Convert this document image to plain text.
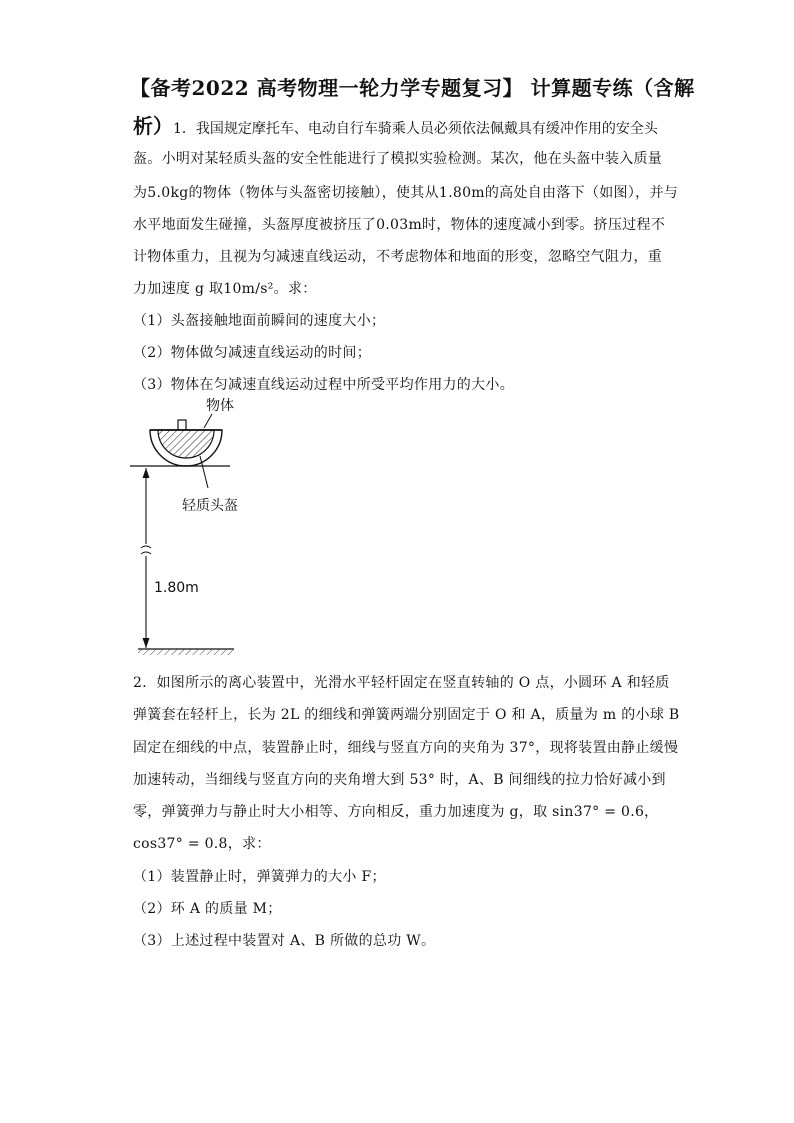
【备考2022 高考物理一轮力学专题复习】 计算题专练（含解
析）1．我国规定摩托车、电动自行车骑乘人员必须依法佩戴具有缓冲作用的安全头
盔。小明对某轻质头盔的安全性能进行了模拟实验检测。某次，他在头盔中装入质量
为5.0kg的物体（物体与头盔密切接触），使其从1.80m的高处自由落下（如图），并与
水平地面发生碰撞，头盔厚度被挤压了0.03m时，物体的速度减小到零。挤压过程不
计物体重力，且视为匀减速直线运动，不考虑物体和地面的形变，忽略空气阻力，重
力加速度 g 取10m/s²。求：
（1）头盔接触地面前瞬间的速度大小；
（2）物体做匀减速直线运动的时间；
（3）物体在匀减速直线运动过程中所受平均作用力的大小。
物体
轻质头盔
1.80m
2．如图所示的离心装置中，光滑水平轻杆固定在竖直转轴的 O 点，小圆环 A 和轻质
弹簧套在轻杆上，长为 2L 的细线和弹簧两端分别固定于 O 和 A，质量为 m 的小球 B
固定在细线的中点，装置静止时，细线与竖直方向的夹角为 37°，现将装置由静止缓慢
加速转动，当细线与竖直方向的夹角增大到 53° 时，A、B 间细线的拉力恰好减小到
零，弹簧弹力与静止时大小相等、方向相反，重力加速度为 g，取 sin37° = 0.6，
cos37° = 0.8，求：
（1）装置静止时，弹簧弹力的大小 F；
（2）环 A 的质量 M；
（3）上述过程中装置对 A、B 所做的总功 W。
